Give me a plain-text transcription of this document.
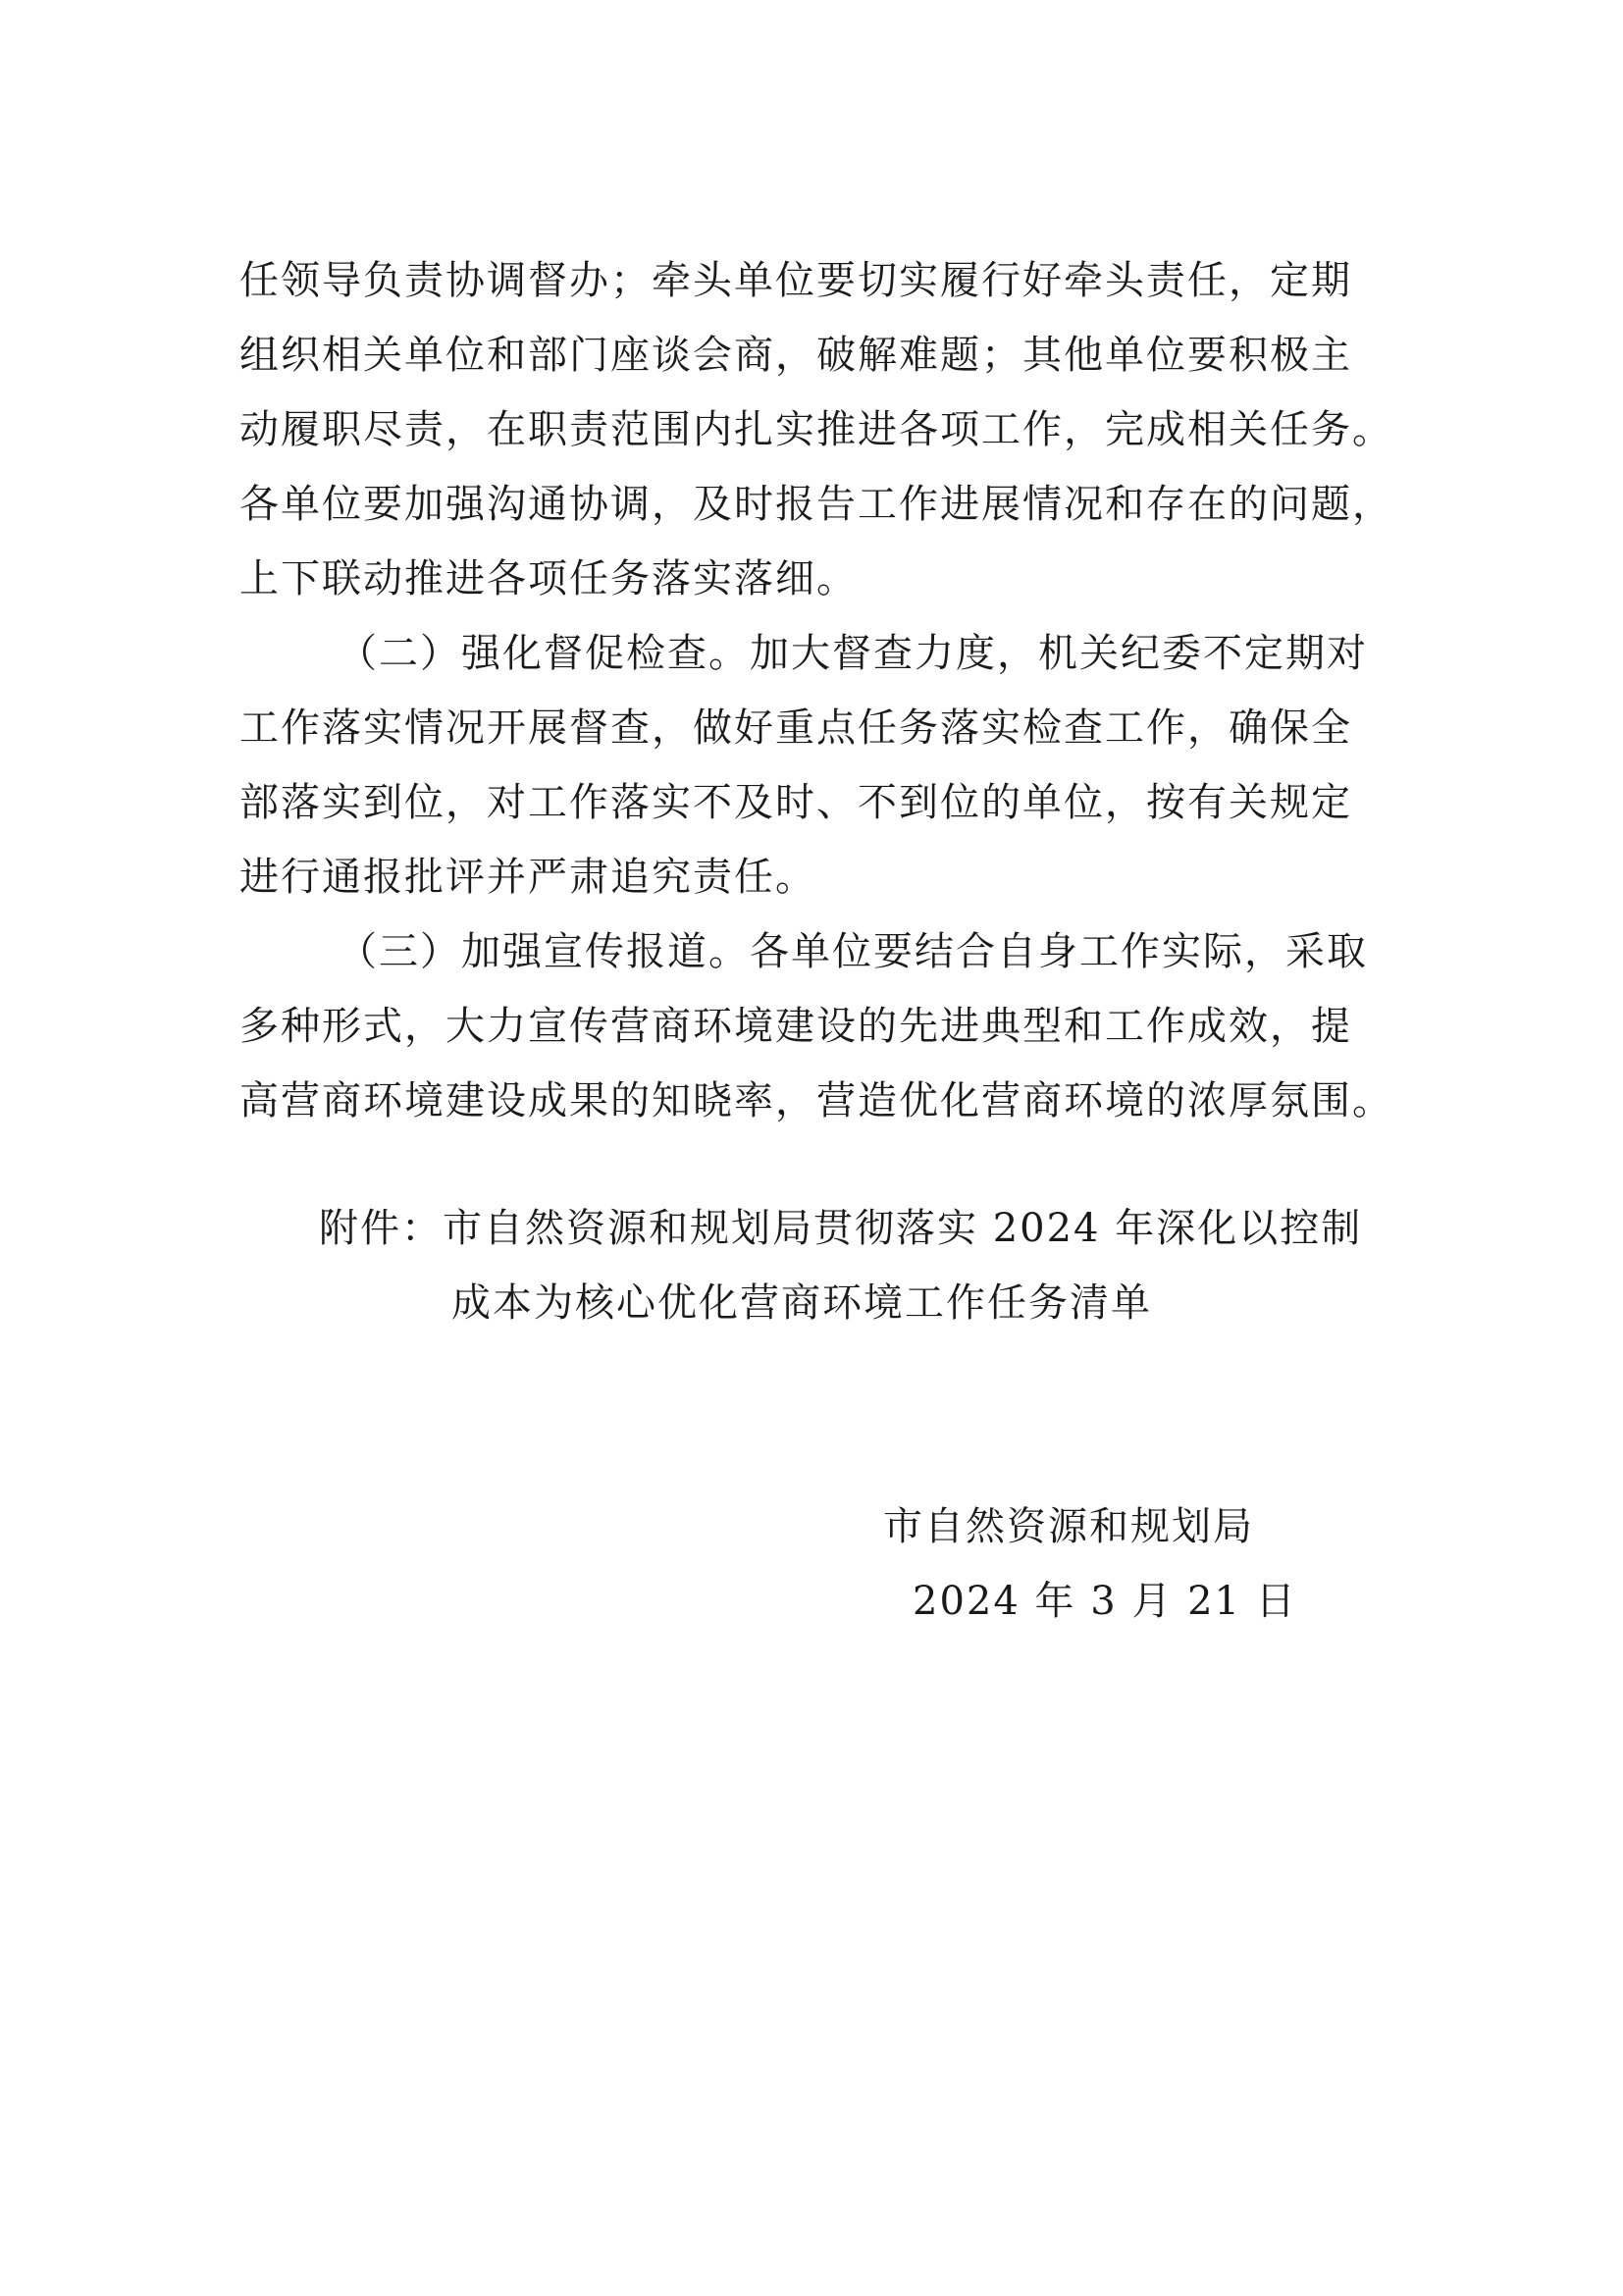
任领导负责协调督办；牵头单位要切实履行好牵头责任，定期
组织相关单位和部门座谈会商，破解难题；其他单位要积极主
动履职尽责，在职责范围内扎实推进各项工作，完成相关任务。
各单位要加强沟通协调，及时报告工作进展情况和存在的问题，
上下联动推进各项任务落实落细。
（二）强化督促检查。加大督查力度，机关纪委不定期对
工作落实情况开展督查，做好重点任务落实检查工作，确保全
部落实到位，对工作落实不及时、不到位的单位，按有关规定
进行通报批评并严肃追究责任。
（三）加强宣传报道。各单位要结合自身工作实际，采取
多种形式，大力宣传营商环境建设的先进典型和工作成效，提
高营商环境建设成果的知晓率，营造优化营商环境的浓厚氛围。
附件：市自然资源和规划局贯彻落实 2024 年深化以控制
成本为核心优化营商环境工作任务清单
市自然资源和规划局
2024 年 3 月 21 日
